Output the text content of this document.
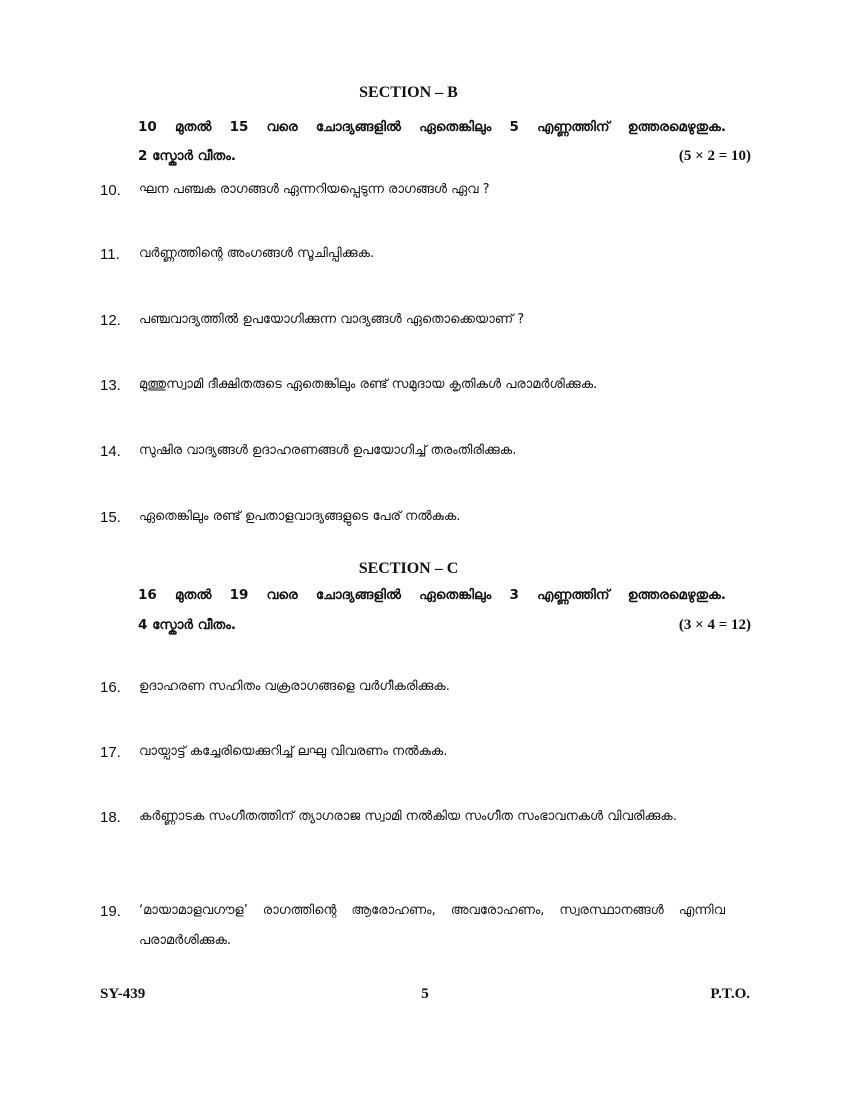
SECTION – B
10 മുതൽ 15 വരെ ചോദ്യങ്ങളിൽ ഏതെങ്കിലും 5 എണ്ണത്തിന് ഉത്തരമെഴുതുക.
2 സ്കോർ വീതം.	(5 × 2 = 10)
10. ഘന പഞ്ചക രാഗങ്ങൾ ഏന്നറിയപ്പെടുന്ന രാഗങ്ങൾ ഏവ ?
11. വർണ്ണത്തിന്റെ അംഗങ്ങൾ സൂചിപ്പിക്കുക.
12. പഞ്ചവാദ്യത്തിൽ ഉപയോഗിക്കുന്ന വാദ്യങ്ങൾ ഏതൊക്കെയാണ് ?
13. മുത്തുസ്വാമി ദീക്ഷിതരുടെ ഏതെങ്കിലും രണ്ട് സമുദായ കൃതികൾ പരാമർശിക്കുക.
14. സുഷിര വാദ്യങ്ങൾ ഉദാഹരണങ്ങൾ ഉപയോഗിച്ച് തരംതിരിക്കുക.
15. ഏതെങ്കിലും രണ്ട് ഉപതാളവാദ്യങ്ങളുടെ പേര് നൽകുക.
SECTION – C
16 മുതൽ 19 വരെ ചോദ്യങ്ങളിൽ ഏതെങ്കിലും 3 എണ്ണത്തിന് ഉത്തരമെഴുതുക.
4 സ്കോർ വീതം.	(3 × 4 = 12)
16. ഉദാഹരണ സഹിതം വക്രരാഗങ്ങളെ വർഗീകരിക്കുക.
17. വായ്പാട്ട് കച്ചേരിയെക്കുറിച്ച് ലഘു വിവരണം നൽകുക.
18. കർണ്ണാടക സംഗീതത്തിന് ത്യാഗരാജ സ്വാമി നൽകിയ സംഗീത സംഭാവനകൾ വിവരിക്കുക.
19. ‘മായാമാളവഗൗള’ രാഗത്തിന്റെ ആരോഹണം, അവരോഹണം, സ്വരസ്ഥാനങ്ങൾ എന്നിവ പരാമർശിക്കുക.
SY-439	5	P.T.O.
